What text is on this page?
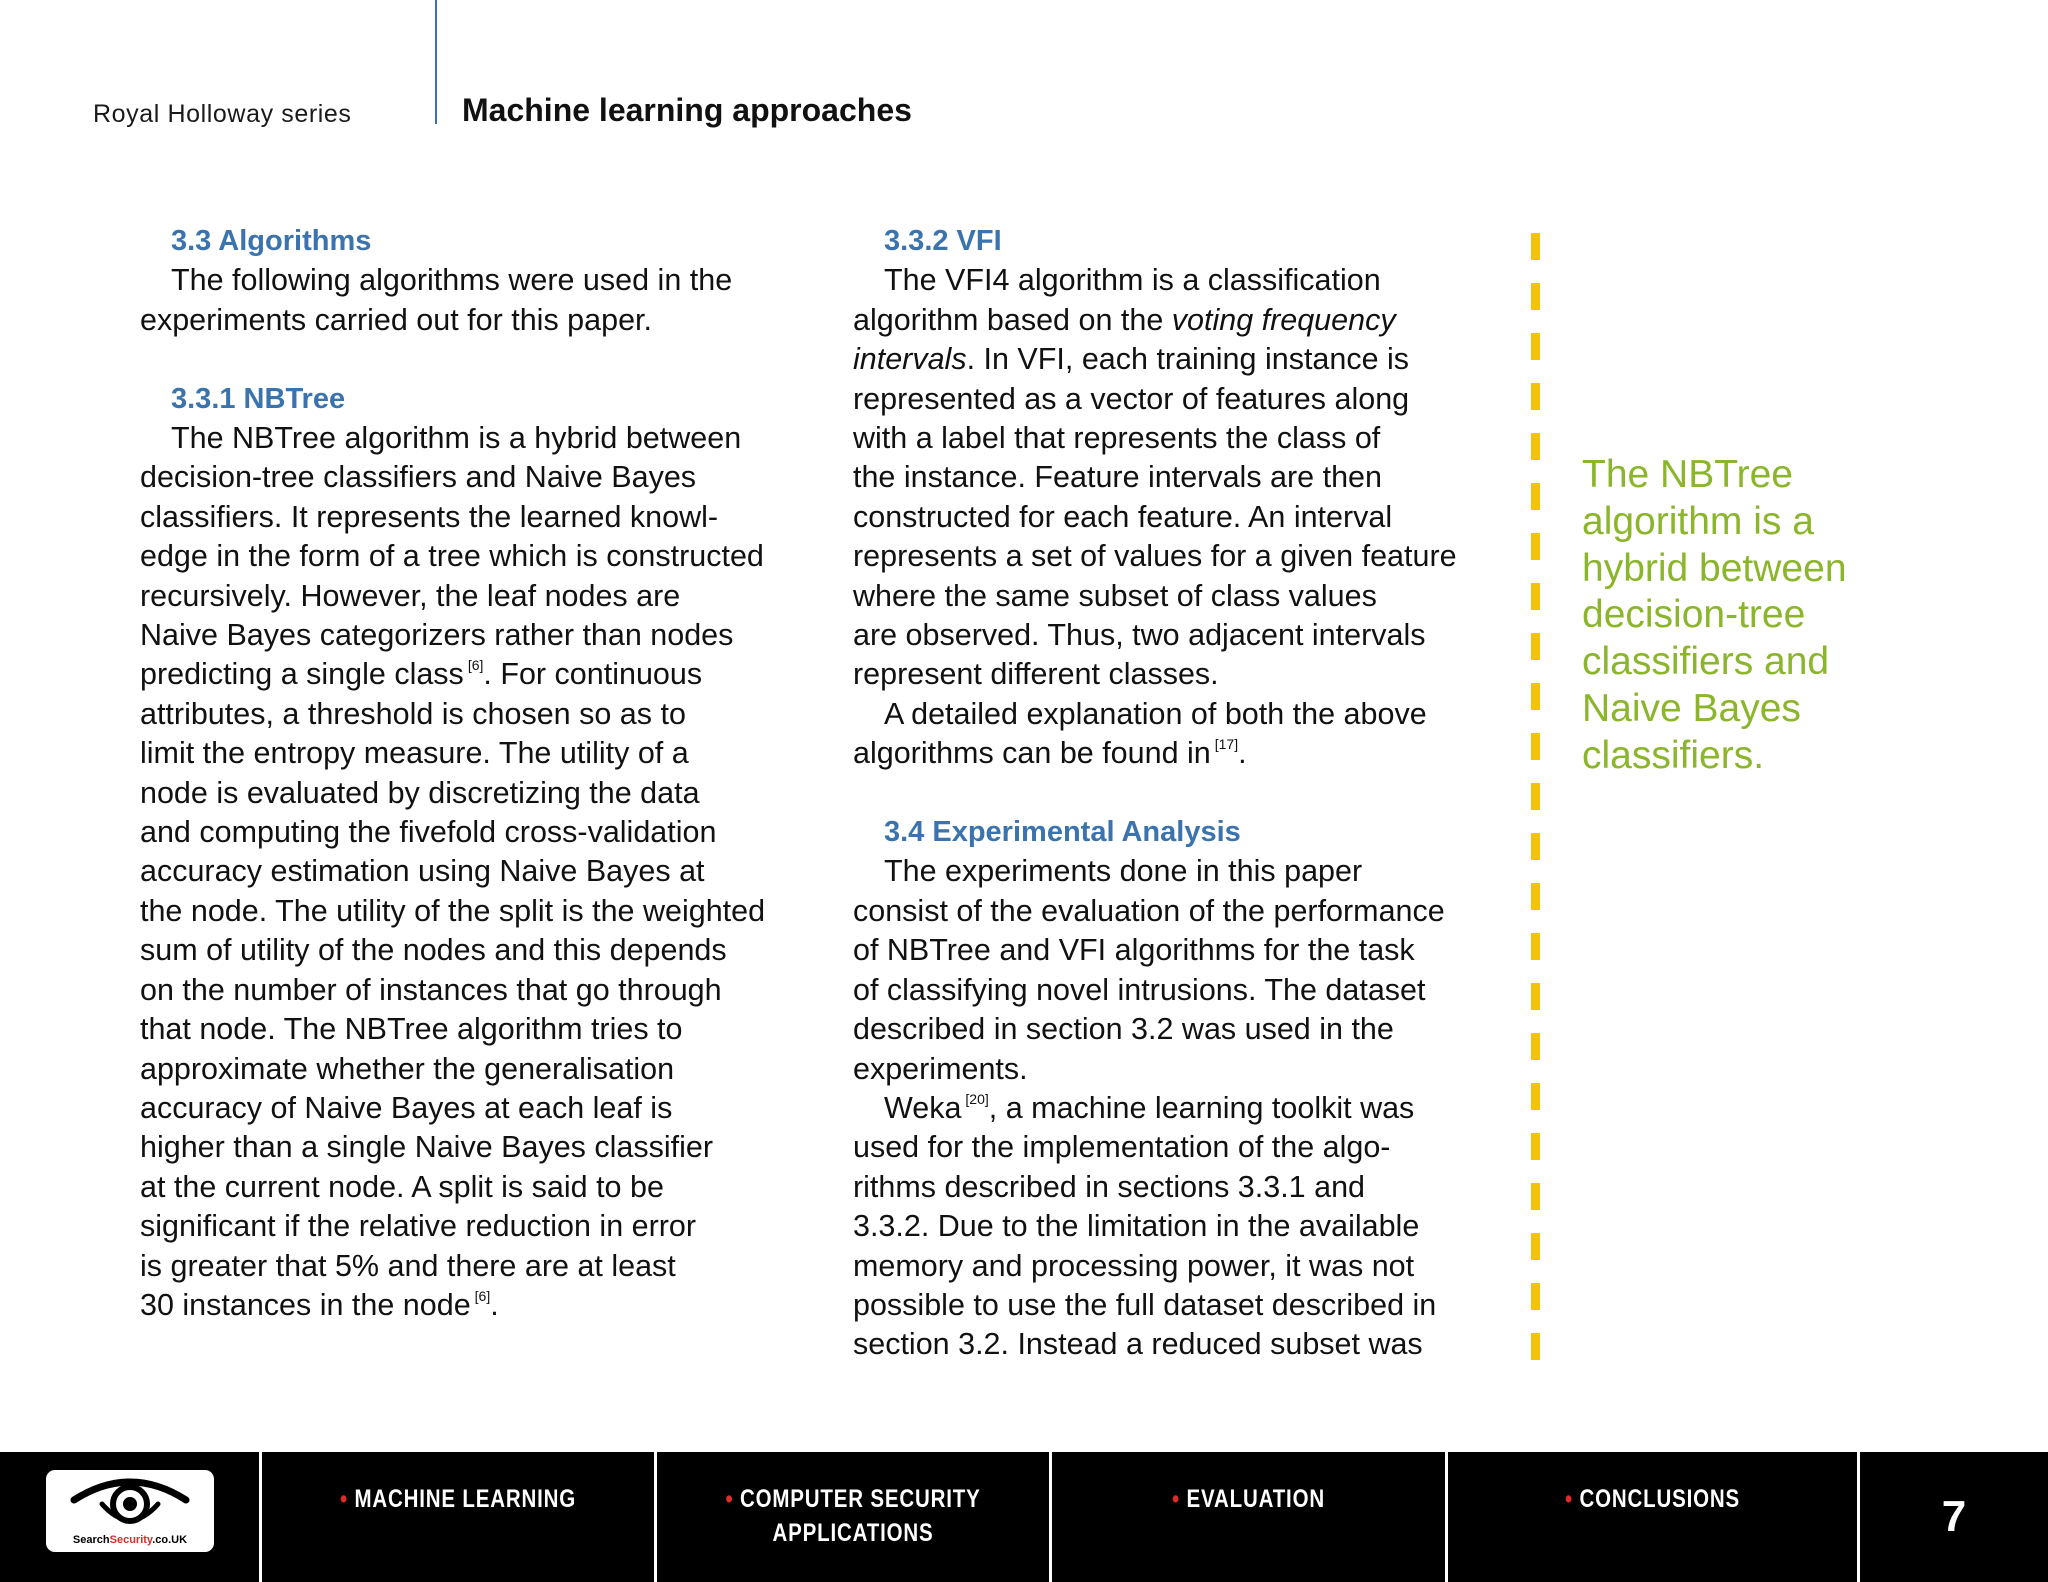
Royal Holloway series	Machine learning approaches
3.3 Algorithms
The following algorithms were used in the
experiments carried out for this paper.
3.3.1 NBTree
The NBTree algorithm is a hybrid between
decision-tree classifiers and Naive Bayes
classifiers. It represents the learned knowl-
edge in the form of a tree which is constructed
recursively. However, the leaf nodes are
Naive Bayes categorizers rather than nodes
predicting a single class [6]. For continuous
attributes, a threshold is chosen so as to
limit the entropy measure. The utility of a
node is evaluated by discretizing the data
and computing the fivefold cross-validation
accuracy estimation using Naive Bayes at
the node. The utility of the split is the weighted
sum of utility of the nodes and this depends
on the number of instances that go through
that node. The NBTree algorithm tries to
approximate whether the generalisation
accuracy of Naive Bayes at each leaf is
higher than a single Naive Bayes classifier
at the current node. A split is said to be
significant if the relative reduction in error
is greater that 5% and there are at least
30 instances in the node [6].
3.3.2 VFI
The VFI4 algorithm is a classification
algorithm based on the voting frequency
intervals. In VFI, each training instance is
represented as a vector of features along
with a label that represents the class of
the instance. Feature intervals are then
constructed for each feature. An interval
represents a set of values for a given feature
where the same subset of class values
are observed. Thus, two adjacent intervals
represent different classes.
A detailed explanation of both the above
algorithms can be found in [17].
3.4 Experimental Analysis
The experiments done in this paper
consist of the evaluation of the performance
of NBTree and VFI algorithms for the task
of classifying novel intrusions. The dataset
described in section 3.2 was used in the
experiments.
Weka [20], a machine learning toolkit was
used for the implementation of the algo-
rithms described in sections 3.3.1 and
3.3.2. Due to the limitation in the available
memory and processing power, it was not
possible to use the full dataset described in
section 3.2. Instead a reduced subset was
The NBTree
algorithm is a
hybrid between
decision-tree
classifiers and
Naive Bayes
classifiers.
SearchSecurity.co.UK
• MACHINE LEARNING	• COMPUTER SECURITY
APPLICATIONS
• EVALUATION	• CONCLUSIONS	7
